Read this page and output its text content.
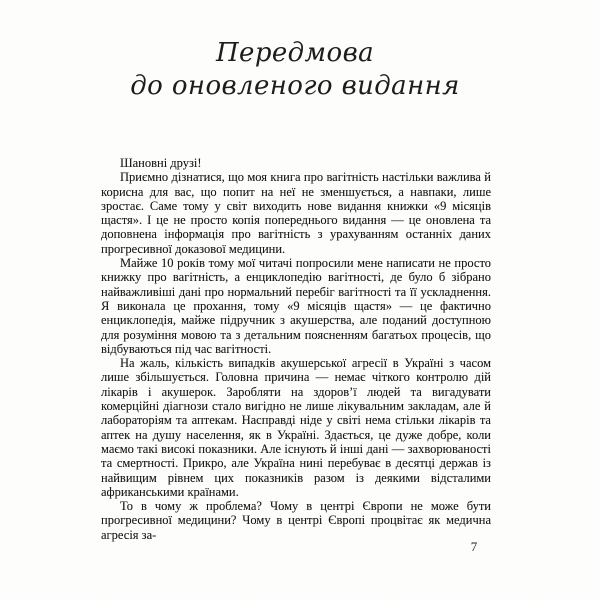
Передмова
до оновленого видання

Шановні друзі!

Приємно дізнатися, що моя книга про вагітність настільки важлива й корисна для вас, що попит на неї не зменшується, а навпаки, лише зростає. Саме тому у світ виходить нове видання книжки «9 місяців щастя». І це не просто копія попереднього видання — це оновлена та доповнена інформація про вагітність з урахуванням останніх даних прогресивної доказової медицини.

Майже 10 років тому мої читачі попросили мене написати не просто книжку про вагітність, а енциклопедію вагітності, де було б зібрано найважливіші дані про нормальний перебіг вагітності та її ускладнення. Я виконала це прохання, тому «9 місяців щастя» — це фактично енциклопедія, майже підручник з акушерства, але поданий доступною для розуміння мовою та з детальним поясненням багатьох процесів, що відбуваються під час вагітності.

На жаль, кількість випадків акушерської агресії в Україні з часом лише збільшується. Головна причина — немає чіткого контролю дій лікарів і акушерок. Заробляти на здоров’ї людей та вигадувати комерційні діагнози стало вигідно не лише лікувальним закладам, але й лабораторіям та аптекам. Насправді ніде у світі нема стільки лікарів та аптек на душу населення, як в Україні. Здається, це дуже добре, коли маємо такі високі показники. Але існують й інші дані — захворюваності та смертності. Прикро, але Україна нині перебуває в десятці держав із найвищим рівнем цих показників разом із деякими відсталими африканськими країнами.

То в чому ж проблема? Чому в центрі Європи не може бути прогресивної медицини? Чому в центрі Європі процвітає як медична агресія за-

7
